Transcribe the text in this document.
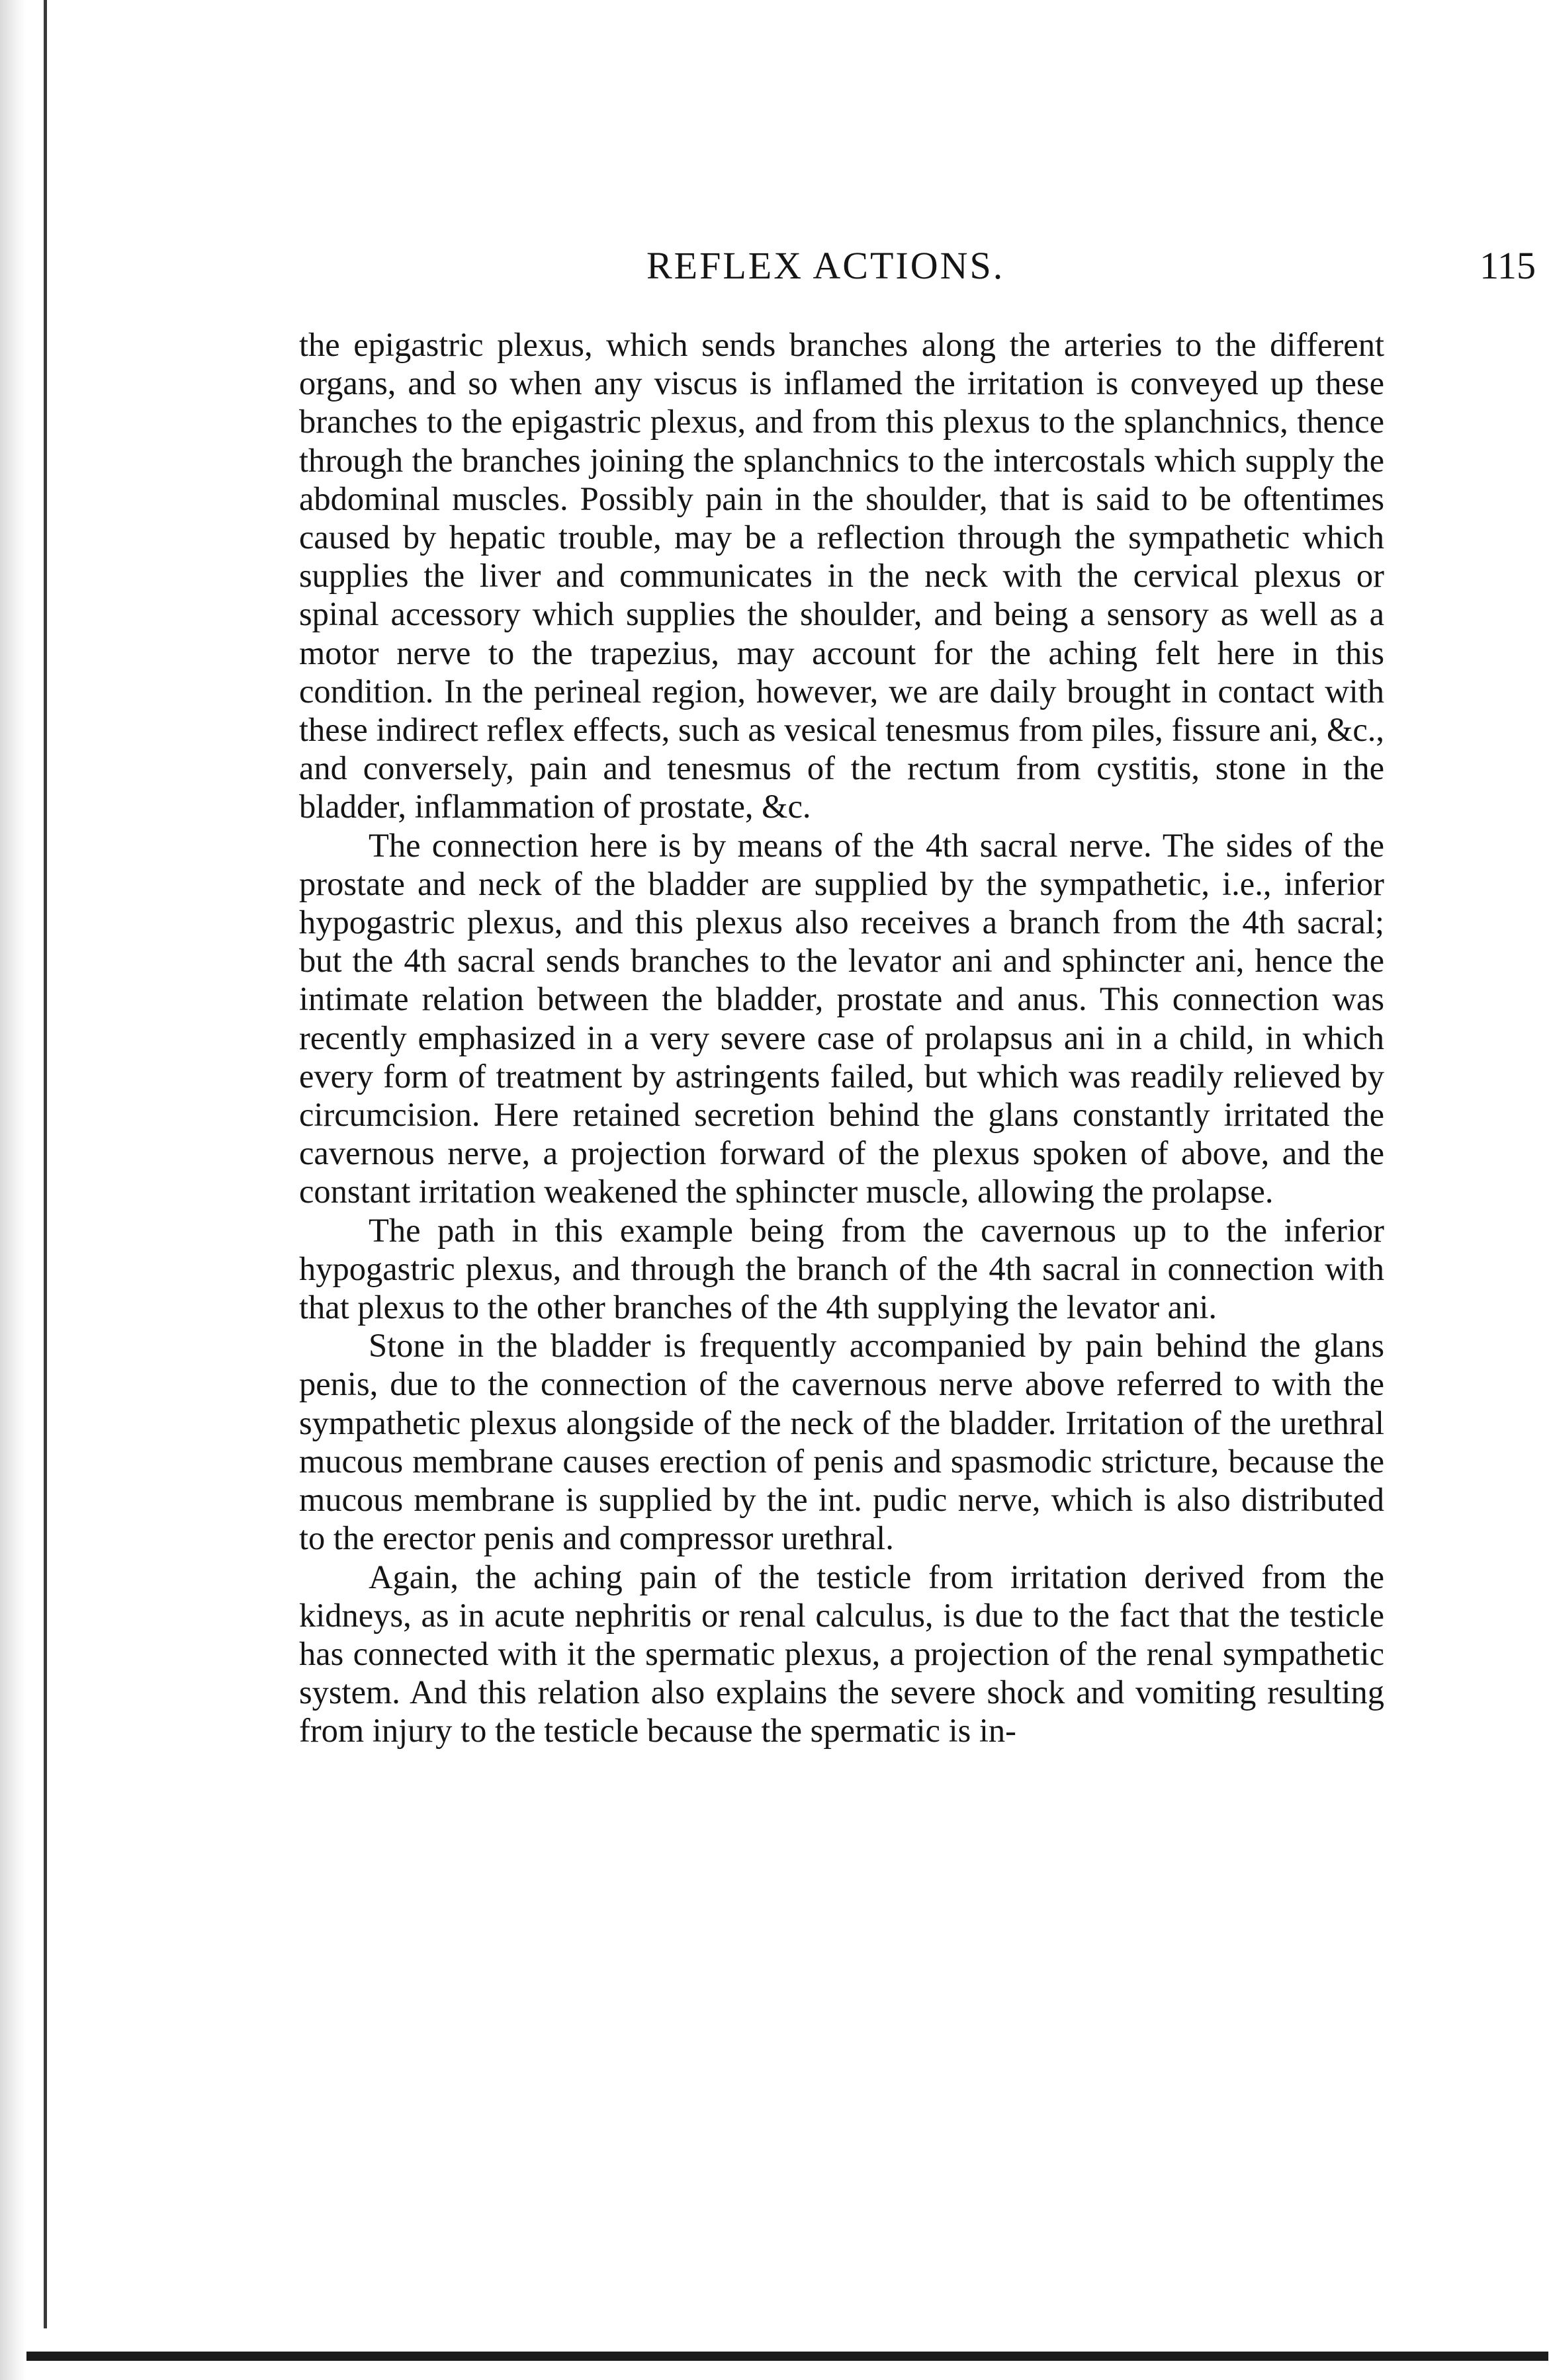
REFLEX ACTIONS.	115

the epigastric plexus, which sends branches along the arteries to the different organs, and so when any viscus is inflamed the irritation is conveyed up these branches to the epigastric plexus, and from this plexus to the splanchnics, thence through the branches joining the splanchnics to the intercostals which supply the abdominal muscles. Possibly pain in the shoulder, that is said to be oftentimes caused by hepatic trouble, may be a reflection through the sympathetic which supplies the liver and communicates in the neck with the cervical plexus or spinal accessory which supplies the shoulder, and being a sensory as well as a motor nerve to the trapezius, may account for the aching felt here in this condition. In the perineal region, however, we are daily brought in contact with these indirect reflex effects, such as vesical tenesmus from piles, fissure ani, &c., and conversely, pain and tenesmus of the rectum from cystitis, stone in the bladder, inflammation of prostate, &c.

The connection here is by means of the 4th sacral nerve. The sides of the prostate and neck of the bladder are supplied by the sympathetic, i.e., inferior hypogastric plexus, and this plexus also receives a branch from the 4th sacral; but the 4th sacral sends branches to the levator ani and sphincter ani, hence the intimate relation between the bladder, prostate and anus. This connection was recently emphasized in a very severe case of prolapsus ani in a child, in which every form of treatment by astringents failed, but which was readily relieved by circumcision. Here retained secretion behind the glans constantly irritated the cavernous nerve, a projection forward of the plexus spoken of above, and the constant irritation weakened the sphincter muscle, allowing the prolapse.

The path in this example being from the cavernous up to the inferior hypogastric plexus, and through the branch of the 4th sacral in connection with that plexus to the other branches of the 4th supplying the levator ani.

Stone in the bladder is frequently accompanied by pain behind the glans penis, due to the connection of the cavernous nerve above referred to with the sympathetic plexus alongside of the neck of the bladder. Irritation of the urethral mucous membrane causes erection of penis and spasmodic stricture, because the mucous membrane is supplied by the int. pudic nerve, which is also distributed to the erector penis and compressor urethral.

Again, the aching pain of the testicle from irritation derived from the kidneys, as in acute nephritis or renal calculus, is due to the fact that the testicle has connected with it the spermatic plexus, a projection of the renal sympathetic system. And this relation also explains the severe shock and vomiting resulting from injury to the testicle because the spermatic is in-
